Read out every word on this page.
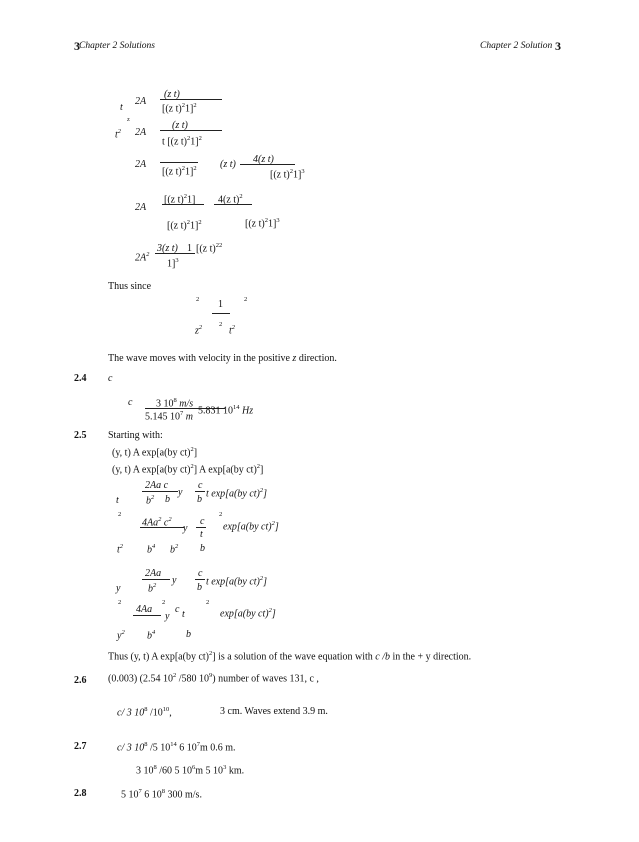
3 Chapter 2 Solutions	Chapter 2 Solution 3
(z t)
2A
t	[(z t)$^2$1]$^2$
z
(z t)
$t^2$ 2A
t [(z t)$^2$1]$^2$
2A
[(z t)$^2$1]$^2$ (z t) 4(z t)
[(z t)$^2$1]$^3$
[(z t)$^2$1] 4(z t)$^2$
2A
[(z t)$^2$1]$^2$	[(z t)$^2$1]$^3$
$2A^2$
3(z t) 1 [(z t)$^{22}$
1]$^3$
Thus since
2 1	2
$z^2$	2
$t^2$
The wave moves with velocity in the positive z direction.
2.4 c
c 3 $10^8$ m/s
5.145 $10^7$ m
5.831 $10^{14}$ Hz
2.5 Starting with:
(y, t) A exp[a(by ct)$^2$]
(y, t) A exp[a(by ct)$^2$] A exp[a(by ct)$^2$]
2Aa c
$b^2$ b
y
c
b
t exp[a(by ct)$^2$]
t
2
4Aa$^2$ $c^2$
y
c
t
2
exp[a(by ct)$^2$]
$t^2$ $b^4$ $b^2$ b
2Aa
$b^2$ y
c
b
t exp[a(by ct)$^2$]
y
2
4Aa
2
y
c t
2
exp[a(by ct)$^2$]
$y^2$ $b^4$	b
Thus (y, t) A exp[a(by ct)$^2$] is a solution of the wave equation with c /b in the + y direction.
2.6 (0.003) (2.54 $10^2$ /580 $10^9$) number of waves 131, c ,
c/ 3 $10^8$ $/10^{10}$,	3 cm. Waves extend 3.9 m.
2.7	c/ 3 $10^8$ /5 $10^{14}$ 6 $10^7m$ 0.6 m.
3 $10^8$ /60 5 $10^6m$ 5 $10^3$ km.
2.8	5 $10^7$ 6 $10^8$ 300 m/s.
